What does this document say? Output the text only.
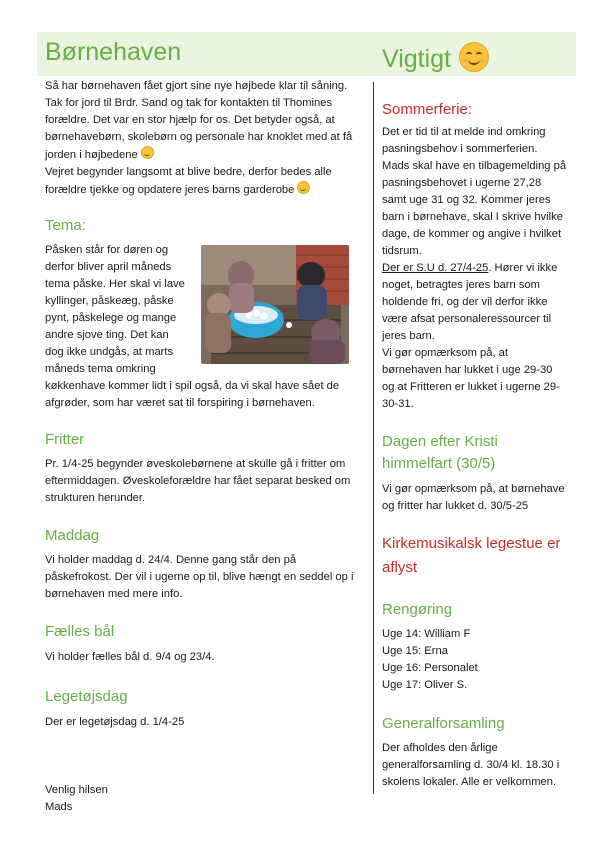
Børnehaven	Vigtigt

Så har børnehaven fået gjort sine nye højbede klar til såning.

Tak for jord til Brdr. Sand og tak for kontakten til Thomines

forældre. Det var en stor hjælp for os. Det betyder også, at

børnehavebørn, skolebørn og personale har knoklet med at få

jorden i højbedene

Vejret begynder langsomt at blive bedre, derfor bedes alle

forældre tjekke og opdatere jeres barns garderobe

Tema:

Påsken står for døren og

derfor bliver april måneds

tema påske. Her skal vi lave

kyllinger, påskeæg, påske

pynt, påskelege og mange

andre sjove ting. Det kan

dog ikke undgås, at marts

måneds tema omkring

køkkenhave kommer lidt i spil også, da vi skal have sået de

afgrøder, som har været sat til forspiring i børnehaven.

Fritter

Pr. 1/4-25 begynder øveskolebørnene at skulle gå i fritter om

eftermiddagen. Øveskoleforældre har fået separat besked om

strukturen herunder.

Maddag

Vi holder maddag d. 24/4. Denne gang står den på

påskefrokost. Der vil i ugerne op til, blive hængt en seddel op i

børnehaven med mere info.

Fælles bål

Vi holder fælles bål d. 9/4 og 23/4.

Legetøjsdag

Der er legetøjsdag d. 1/4-25

Venlig hilsen

Mads

Sommerferie:

Det er tid til at melde ind omkring

pasningsbehov i sommerferien.

Mads skal have en tilbagemelding på

pasningsbehovet i ugerne 27,28

samt uge 31 og 32. Kommer jeres

barn i børnehave, skal I skrive hvilke

dage, de kommer og angive i hvilket

tidsrum.

Der er S.U d. 27/4-25. Hører vi ikke

noget, betragtes jeres barn som

holdende fri, og der vil derfor ikke

være afsat personaleressourcer til

jeres barn.

Vi gør opmærksom på, at

børnehaven har lukket i uge 29-30

og at Fritteren er lukket i ugerne 29-

30-31.

Dagen efter Kristi
himmelfart (30/5)

Vi gør opmærksom på, at børnehave

og fritter har lukket d. 30/5-25

Kirkemusikalsk legestue er
aflyst
Rengøring

Uge 14: William F

Uge 15: Erna

Uge 16: Personalet

Uge 17: Oliver S.

Generalforsamling

Der afholdes den årlige

generalforsamling d. 30/4 kl. 18.30 i

skolens lokaler. Alle er velkommen.
